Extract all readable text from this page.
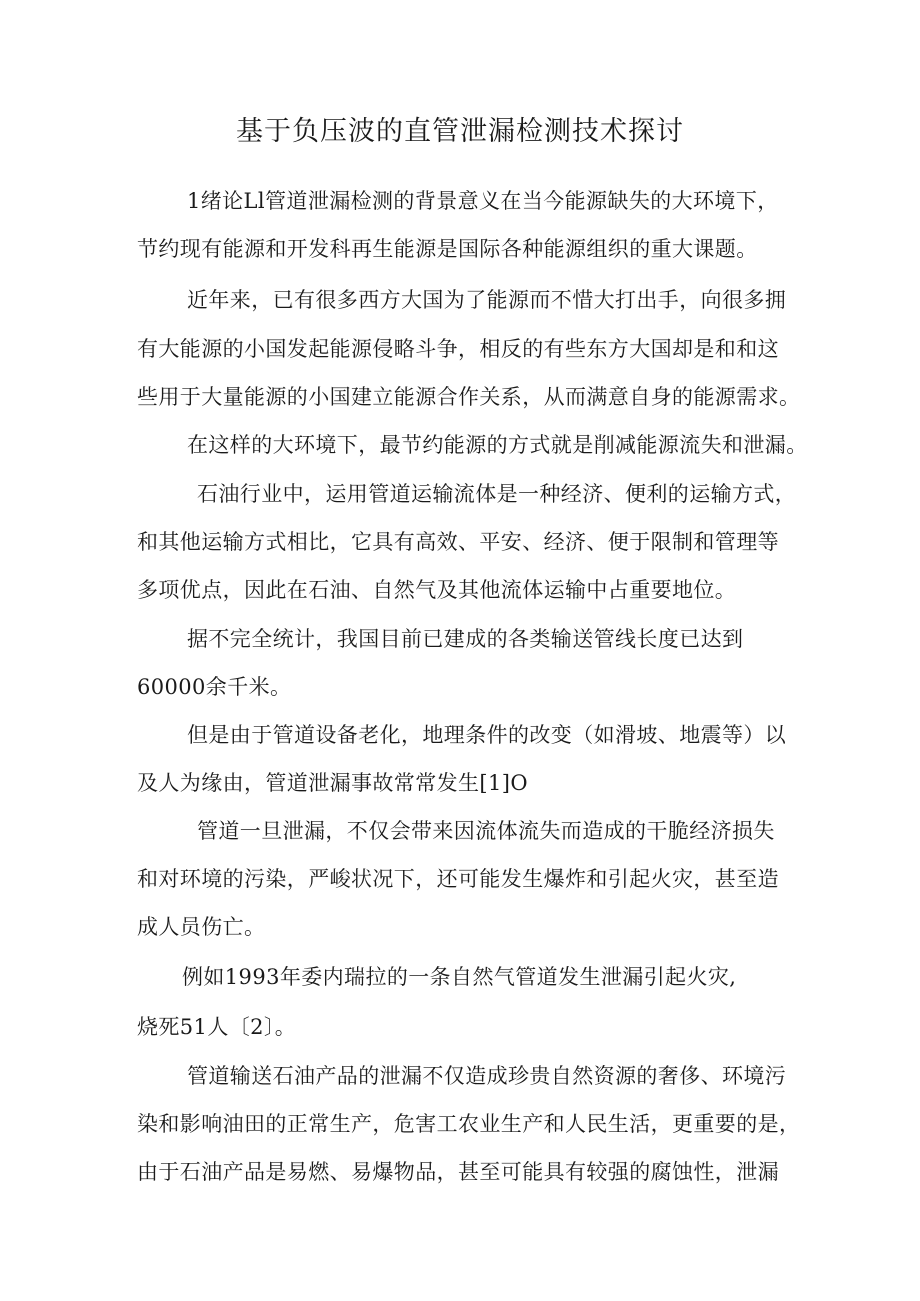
基于负压波的直管泄漏检测技术探讨
1绪论Ll管道泄漏检测的背景意义在当今能源缺失的大环境下，
节约现有能源和开发科再生能源是国际各种能源组织的重大课题。
近年来，已有很多西方大国为了能源而不惜大打出手，向很多拥
有大能源的小国发起能源侵略斗争，相反的有些东方大国却是和和这
些用于大量能源的小国建立能源合作关系，从而满意自身的能源需求。
在这样的大环境下，最节约能源的方式就是削减能源流失和泄漏。
石油行业中，运用管道运输流体是一种经济、便利的运输方式，
和其他运输方式相比，它具有高效、平安、经济、便于限制和管理等
多项优点，因此在石油、自然气及其他流体运输中占重要地位。
据不完全统计，我国目前已建成的各类输送管线长度已达到
60000余千米。
但是由于管道设备老化，地理条件的改变（如滑坡、地震等）以
及人为缘由，管道泄漏事故常常发生[1]O
管道一旦泄漏，不仅会带来因流体流失而造成的干脆经济损失
和对环境的污染，严峻状况下，还可能发生爆炸和引起火灾，甚至造
成人员伤亡。
例如1993年委内瑞拉的一条自然气管道发生泄漏引起火灾,
烧死51人〔2〕。
管道输送石油产品的泄漏不仅造成珍贵自然资源的奢侈、环境污
染和影响油田的正常生产，危害工农业生产和人民生活，更重要的是，
由于石油产品是易燃、易爆物品，甚至可能具有较强的腐蚀性，泄漏
